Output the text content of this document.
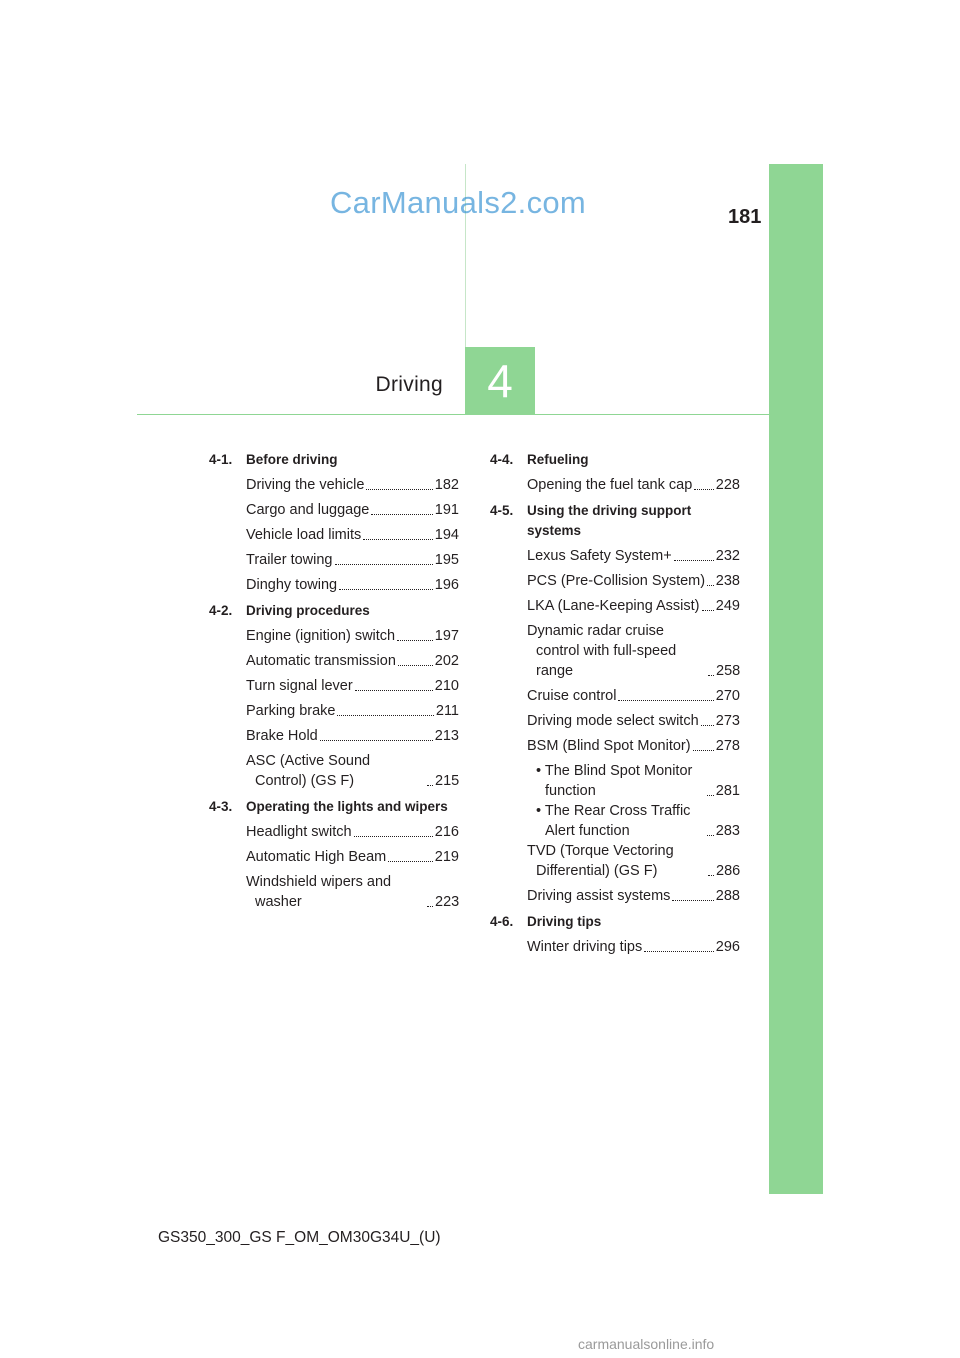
CarManuals2.com	181
Driving 4
4-1.	Before driving
Driving the vehicle	182
Cargo and luggage	191
Vehicle load limits	194
Trailer towing	195
Dinghy towing	196
4-2.	Driving procedures
Engine (ignition) switch	197
Automatic transmission	202
Turn signal lever	210
Parking brake	211
Brake Hold	213
ASC (Active Sound Control) (GS F)	215
4-3.	Operating the lights and wipers
Headlight switch	216
Automatic High Beam	219
Windshield wipers and washer	223
4-4.	Refueling
Opening the fuel tank cap 228
4-5.	Using the driving support systems
Lexus Safety System+	232
PCS (Pre-Collision System) 238
LKA (Lane-Keeping Assist) 249
Dynamic radar cruise control with full-speed range	258
Cruise control	270
Driving mode select switch 273
BSM (Blind Spot Monitor) 278
• The Blind Spot Monitor function	281
• The Rear Cross Traffic Alert function	283
TVD (Torque Vectoring Differential) (GS F)	286
Driving assist systems	288
4-6.	Driving tips
Winter driving tips	296
GS350_300_GS F_OM_OM30G34U_(U)
carmanualsonline.info
